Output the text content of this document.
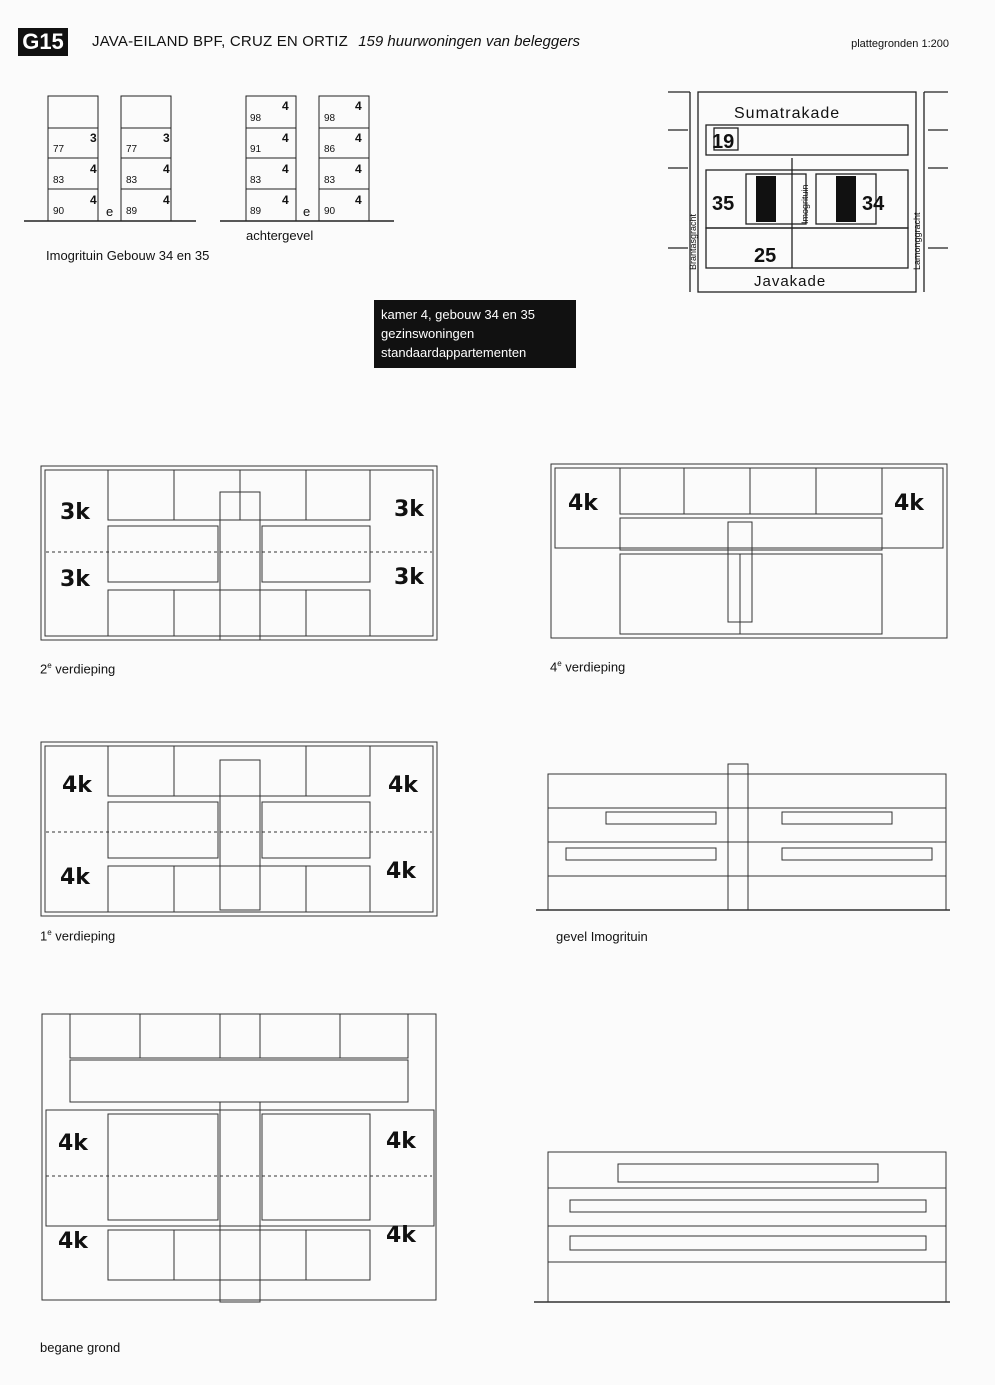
G15 JAVA-EILAND BPF, CRUZ EN ORTIZ 159 huurwoningen van beleggers	plattegronden 1:200
3
77
4
83
4
90
3
77
4
83
4
89
e
4
98
4
91
4
83
4
89
4
98
4
86
4
83
4
90
e
achtergevel
Imogrituin Gebouw 34 en 35
Sumatrakade
Javakade
19
35	34
25
Brantasgracht	Lamonggracht
Imogrituin
kamer 4, gebouw 34 en 35
gezinswoningen
standaardappartementen
3k	3k
3k	3k
2e verdieping
4k	4k
4e verdieping
4k	4k
4k	4k
1e verdieping	gevel Imogrituin
4k	4k
4k	4k
begane grond
